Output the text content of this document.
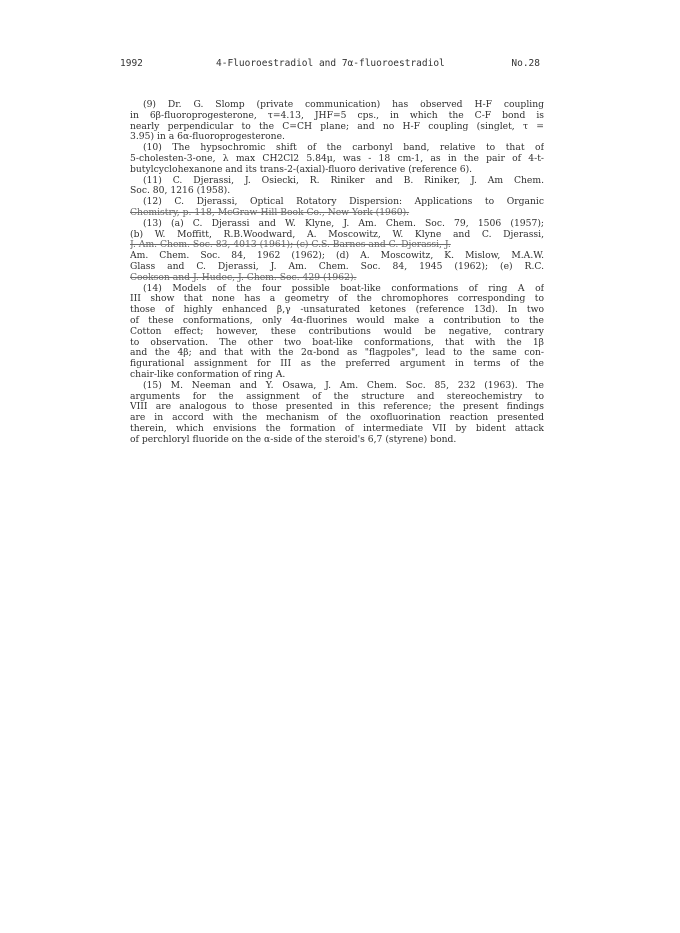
1992	4-Fluoroestradiol and 7α-fluoroestradiol	No.28
(9) Dr. G. Slomp (private communication) has observed H-F coupling
in 6β-fluoroprogesterone, τ=4.13, JHF=5 cps., in which the C-F bond is
nearly perpendicular to the C=CH plane; and no H-F coupling (singlet, τ =
3.95) in a 6α-fluoroprogesterone.
(10) The hypsochromic shift of the carbonyl band, relative to that of
5-cholesten-3-one, λ max CH2Cl2 5.84μ, was - 18 cm-1, as in the pair of 4-t-
butylcyclohexanone and its trans-2-(axial)-fluoro derivative (reference 6).
(11) C. Djerassi, J. Osiecki, R. Riniker and B. Riniker, J. Am Chem.
Soc. 80, 1216 (1958).
(12) C. Djerassi, Optical Rotatory Dispersion: Applications to Organic
Chemistry, p. 118, McGraw-Hill Book Co., New York (1960).
(13) (a) C. Djerassi and W. Klyne, J. Am. Chem. Soc. 79, 1506 (1957);
(b) W. Moffitt, R.B.Woodward, A. Moscowitz, W. Klyne and C. Djerassi,
J. Am. Chem. Soc. 83, 4013 (1961); (c) C.S. Barnes and C. Djerassi, J.
Am. Chem. Soc. 84, 1962 (1962); (d) A. Moscowitz, K. Mislow, M.A.W.
Glass and C. Djerassi, J. Am. Chem. Soc. 84, 1945 (1962); (e) R.C.
Cookson and J. Hudec, J. Chem. Soc. 429 (1962).
(14) Models of the four possible boat-like conformations of ring A of
III show that none has a geometry of the chromophores corresponding to
those of highly enhanced β,γ -unsaturated ketones (reference 13d). In two
of these conformations, only 4α-fluorines would make a contribution to the
Cotton effect; however, these contributions would be negative, contrary
to observation. The other two boat-like conformations, that with the 1β
and the 4β; and that with the 2α-bond as "flagpoles", lead to the same con-
figurational assignment for III as the preferred argument in terms of the
chair-like conformation of ring A.
(15) M. Neeman and Y. Osawa, J. Am. Chem. Soc. 85, 232 (1963). The
arguments for the assignment of the structure and stereochemistry to
VIII are analogous to those presented in this reference; the present findings
are in accord with the mechanism of the oxofluorination reaction presented
therein, which envisions the formation of intermediate VII by bident attack
of perchloryl fluoride on the α-side of the steroid's 6,7 (styrene) bond.
